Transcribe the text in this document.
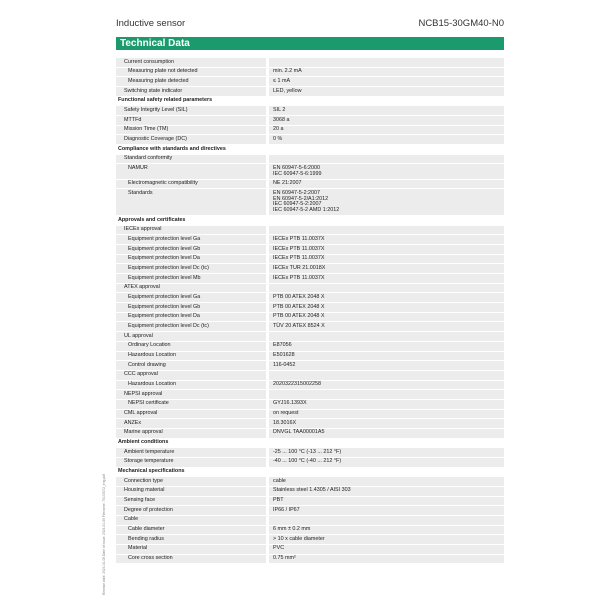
Inductive sensor	NCB15-30GM40-N0
Technical Data
Current consumption
Measuring plate not detected	min. 2.2 mA
Measuring plate detected	≤ 1 mA
Switching state indicator	LED, yellow
Functional safety related parameters
Safety Integrity Level (SIL)	SIL 2
MTTFd	3068 a
Mission Time (TM)	20 a
Diagnostic Coverage (DC)	0 %
Compliance with standards and directives
Standard conformity
NAMUR	EN 60947-5-6:2000
IEC 60947-5-6:1999
Electromagnetic compatibility	NE 21:2007
Standards	EN 60947-5-2:2007
EN 60947-5-2/A1:2012
IEC 60947-5-2:2007
IEC 60947-5-2 AMD 1:2012
Approvals and certificates
IECEx approval
Equipment protection level Ga	IECEx PTB 11.0037X
Equipment protection level Gb	IECEx PTB 11.0037X
Equipment protection level Da	IECEx PTB 11.0037X
Equipment protection level Dc (tc)	IECEx TUR 21.0018X
Equipment protection level Mb	IECEx PTB 11.0037X
ATEX approval
Equipment protection level Ga	PTB 00 ATEX 2048 X
Equipment protection level Gb	PTB 00 ATEX 2048 X
Equipment protection level Da	PTB 00 ATEX 2048 X
Equipment protection level Dc (tc)	TÜV 20 ATEX 8524 X
UL approval
Ordinary Location	E87056
Hazardous Location	E501628
Control drawing	116-0452
CCC approval
Hazardous Location	2020322315002258
NEPSI approval
NEPSI certificate	GYJ16.1393X
CML approval	on request
ANZEx	18.3016X
Marine approval	DNVGL TAA00001A5
Ambient conditions
Ambient temperature	-25 ... 100 °C (-13 ... 212 °F)
Storage temperature	-40 ... 100 °C (-40 ... 212 °F)
Mechanical specifications
Connection type	cable
Housing material	Stainless steel 1.4305 / AISI 303
Sensing face	PBT
Degree of protection	IP66 / IP67
Cable
Cable diameter	6 mm ± 0.2 mm
Bending radius	> 10 x cable diameter
Material	PVC
Core cross section	0.75 mm²
Release date: 2024-01-09 Date of issue: 2024-01-09 Filename: 70133072_eng.pdf
